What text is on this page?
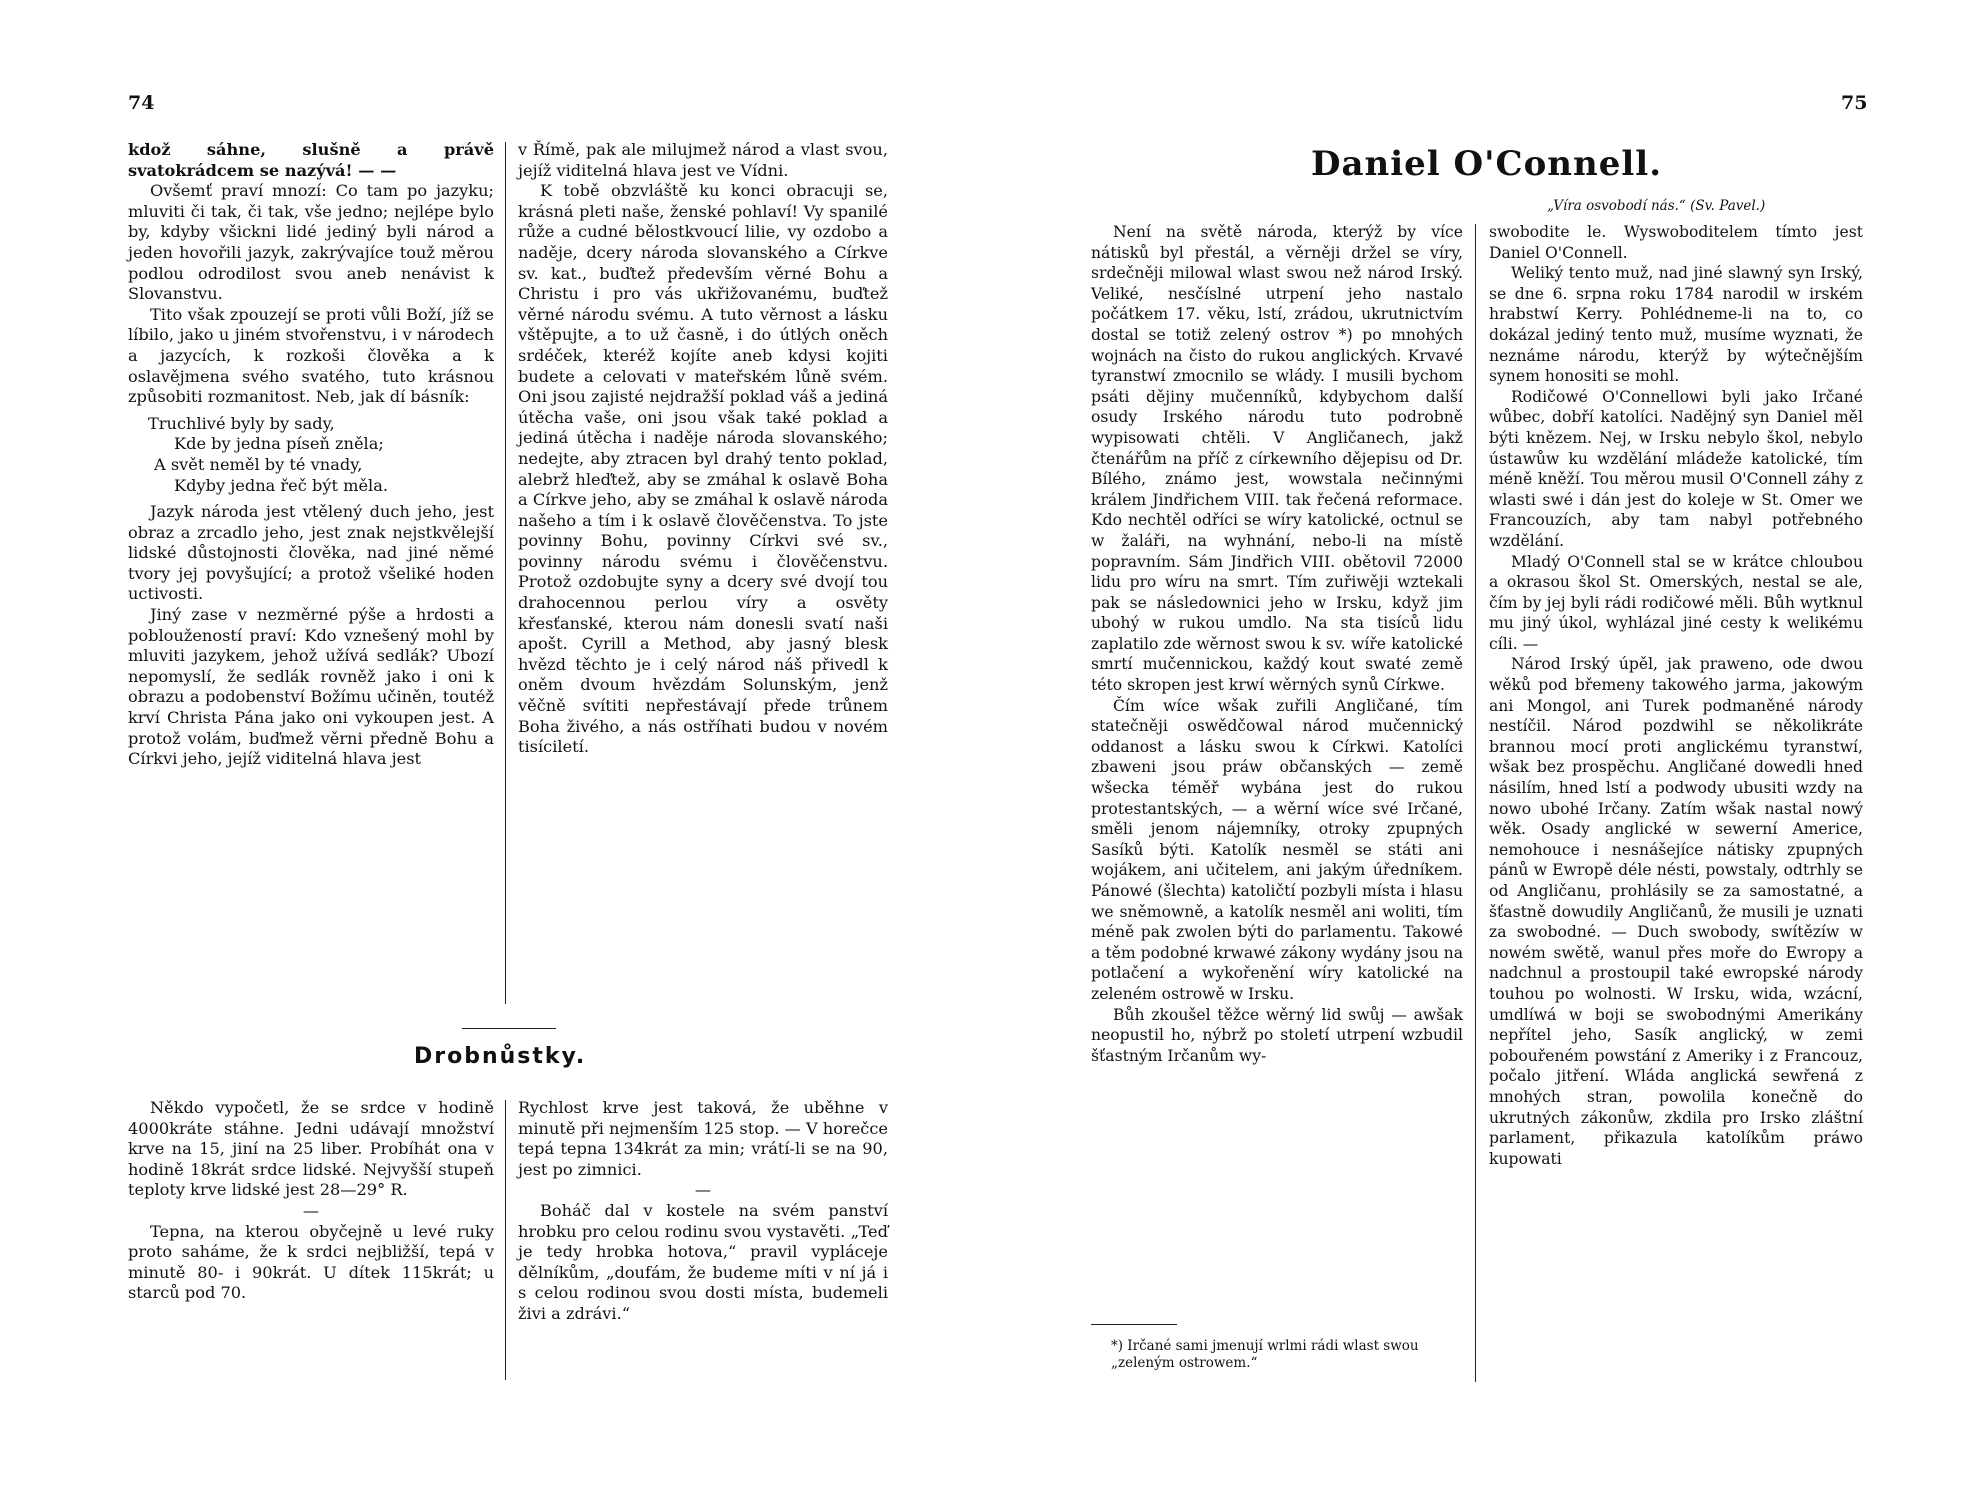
74

kdož sáhne, slušně a právě svatokrádcem se nazývá! — —

Ovšemť praví mnozí: Co tam po jazyku; mluviti či tak, či tak, vše jedno; nejlépe bylo by, kdyby všickni lidé jediný byli národ a jeden hovořili jazyk, zakrývajíce touž měrou podlou odrodilost svou aneb nenávist k Slovanstvu.

Tito však zpouzejí se proti vůli Boží, jíž se líbilo, jako u jiném stvořenstvu, i v národech a jazycích, k rozkoši člověka a k oslavějmena svého svatého, tuto krásnou způsobiti rozmanitost. Neb, jak dí básník:

Truchlivé byly by sady,
Kde by jedna píseň zněla;
A svět neměl by té vnady,
Kdyby jedna řeč být měla.

Jazyk národa jest vtělený duch jeho, jest obraz a zrcadlo jeho, jest znak nejstkvělejší lidské důstojnosti člověka, nad jiné němé tvory jej povyšující; a protož všeliké hoden uctivosti.

Jiný zase v nezměrné pýše a hrdosti a pobloužeností praví: Kdo vznešený mohl by mluviti jazykem, jehož užívá sedlák? Ubozí nepomyslí, že sedlák rovněž jako i oni k obrazu a podobenství Božímu učiněn, toutéž krví Christa Pána jako oni vykoupen jest. A protož volám, buďmež věrni předně Bohu a Církvi jeho, jejíž viditelná hlava jest

v Římě, pak ale milujmež národ a vlast svou, jejíž viditelná hlava jest ve Vídni.

K tobě obzvláště ku konci obracuji se, krásná pleti naše, ženské pohlaví! Vy spanilé růže a cudné bělostkvoucí lilie, vy ozdobo a naděje, dcery národa slovanského a Církve sv. kat., buďtež především věrné Bohu a Christu i pro vás ukřižovanému, buďtež věrné národu svému. A tuto věrnost a lásku vštěpujte, a to už časně, i do útlých oněch srdéček, kteréž kojíte aneb kdysi kojiti budete a celovati v mateřském lůně svém. Oni jsou zajisté nejdražší poklad váš a jediná útěcha vaše, oni jsou však také poklad a jediná útěcha i naděje národa slovanského; nedejte, aby ztracen byl drahý tento poklad, alebrž hleďtež, aby se zmáhal k oslavě Boha a Církve jeho, aby se zmáhal k oslavě národa našeho a tím i k oslavě člověčenstva. To jste povinny Bohu, povinny Církvi své sv., povinny národu svému i člověčenstvu. Protož ozdobujte syny a dcery své dvojí tou drahocennou perlou víry a osvěty křesťanské, kterou nám donesli svatí naši apošt. Cyrill a Method, aby jasný blesk hvězd těchto je i celý národ náš přivedl k oněm dvoum hvězdám Solunským, jenž věčně svítiti nepřestávají přede trůnem Boha živého, a nás ostříhati budou v novém tisíciletí.

Drobnůstky.

Někdo vypočetl, že se srdce v hodině 4000kráte stáhne. Jedni udávají množství krve na 15, jiní na 25 liber. Probíhát ona v hodině 18krát srdce lidské. Nejvyšší stupeň teploty krve lidské jest 28—29° R.

—

Tepna, na kterou obyčejně u levé ruky proto saháme, že k srdci nejbližší, tepá v minutě 80- i 90krát. U dítek 115krát; u starců pod 70.

Rychlost krve jest taková, že uběhne v minutě při nejmenším 125 stop. — V horečce tepá tepna 134krát za min; vrátí-li se na 90, jest po zimnici.

—

Boháč dal v kostele na svém panství hrobku pro celou rodinu svou vystavěti. „Teď je tedy hrobka hotova,“ pravil vypláceje dělníkům, „doufám, že budeme míti v ní já i s celou rodinou svou dosti místa, budemeli živi a zdrávi.“

75
Daniel O'Connell.
„Víra osvobodí nás.“ (Sv. Pavel.)

Není na světě národa, kterýž by více nátisků byl přestál, a věrněji držel se víry, srdečněji milowal wlast swou než národ Irský. Veliké, nesčíslné utrpení jeho nastalo počátkem 17. věku, lstí, zrádou, ukrutnictvím dostal se totiž zelený ostrov *) po mnohých wojnách na čisto do rukou anglických. Krvavé tyranstwí zmocnilo se wlády. I musili bychom psáti dějiny mučenníků, kdybychom další osudy Irského národu tuto podrobně wypisowati chtěli. V Angličanech, jakž čtenářům na příč z církewního dějepisu od Dr. Bílého, známo jest, wowstala nečinnými králem Jindřichem VIII. tak řečená reformace. Kdo nechtěl odříci se wíry katolické, octnul se w žaláři, na wyhnání, nebo-li na místě popravním. Sám Jindřich VIII. obětovil 72000 lidu pro wíru na smrt. Tím zuřiwěji wztekali pak se následownici jeho w Irsku, když jim ubohý w rukou umdlo. Na sta tisíců lidu zaplatilo zde wěrnost swou k sv. wíře katolické smrtí mučennickou, každý kout swaté země této skropen jest krwí wěrných synů Církwe.

Čím wíce wšak zuřili Angličané, tím statečněji oswědčowal národ mučennický oddanost a lásku swou k Církwi. Katolíci zbaweni jsou práw občanských — země wšecka téměř wybána jest do rukou protestantských, — a wěrní wíce své Irčané, směli jenom nájemníky, otroky zpupných Sasíků býti. Katolík nesměl se státi ani wojákem, ani učitelem, ani jakým úředníkem. Pánowé (šlechta) katoličtí pozbyli místa i hlasu we sněmowně, a katolík nesměl ani woliti, tím méně pak zwolen býti do parlamentu. Takowé a těm podobné krwawé zákony wydány jsou na potlačení a wykořenění wíry katolické na zeleném ostrowě w Irsku.

Bůh zkoušel těžce wěrný lid swůj — awšak neopustil ho, nýbrž po století utrpení wzbudil šťastným Irčanům wy-

*) Irčané sami jmenují wrlmi rádi wlast swou „zeleným ostrowem.“

swobodite le. Wyswoboditelem tímto jest Daniel O'Connell.

Weliký tento muž, nad jiné slawný syn Irský, se dne 6. srpna roku 1784 narodil w irském hrabstwí Kerry. Pohlédneme-li na to, co dokázal jediný tento muž, musíme wyznati, že neznáme národu, kterýž by wýtečnějším synem honositi se mohl.

Rodičowé O'Connellowi byli jako Irčané wůbec, dobří katolíci. Nadějný syn Daniel měl býti knězem. Nej, w Irsku nebylo škol, nebylo ústawůw ku wzdělání mládeže katolické, tím méně kněží. Tou měrou musil O'Connell záhy z wlasti swé i dán jest do koleje w St. Omer we Francouzích, aby tam nabyl potřebného wzdělání.

Mladý O'Connell stal se w krátce chloubou a okrasou škol St. Omerských, nestal se ale, čím by jej byli rádi rodičowé měli. Bůh wytknul mu jiný úkol, wyhlázal jiné cesty k welikému cíli. —

Národ Irský úpěl, jak praweno, ode dwou wěků pod břemeny takowého jarma, jakowým ani Mongol, ani Turek podmaněné národy nestíčil. Národ pozdwihl se několikráte brannou mocí proti anglickému tyranstwí, wšak bez prospěchu. Angličané dowedli hned násilím, hned lstí a podwody ubusiti wzdy na nowo ubohé Irčany. Zatím wšak nastal nowý wěk. Osady anglické w sewerní Americe, nemohouce i nesnášejíce nátisky zpupných pánů w Ewropě déle nésti, powstaly, odtrhly se od Angličanu, prohlásily se za samostatné, a šťastně dowudily Angličanů, že musili je uznati za swobodné. — Duch swobody, swítězíw w nowém swětě, wanul přes moře do Ewropy a nadchnul a prostoupil také ewropské národy touhou po wolnosti. W Irsku, wida, wzácní, umdlíwá w boji se swobodnými Amerikány nepřítel jeho, Sasík anglický, w zemi pobouřeném powstání z Ameriky i z Francouz, počalo jitření. Wláda anglická sewřená z mnohých stran, powolila konečně do ukrutných zákonůw, zkdila pro Irsko zláštní parlament, přikazula katolíkům práwo kupowati
